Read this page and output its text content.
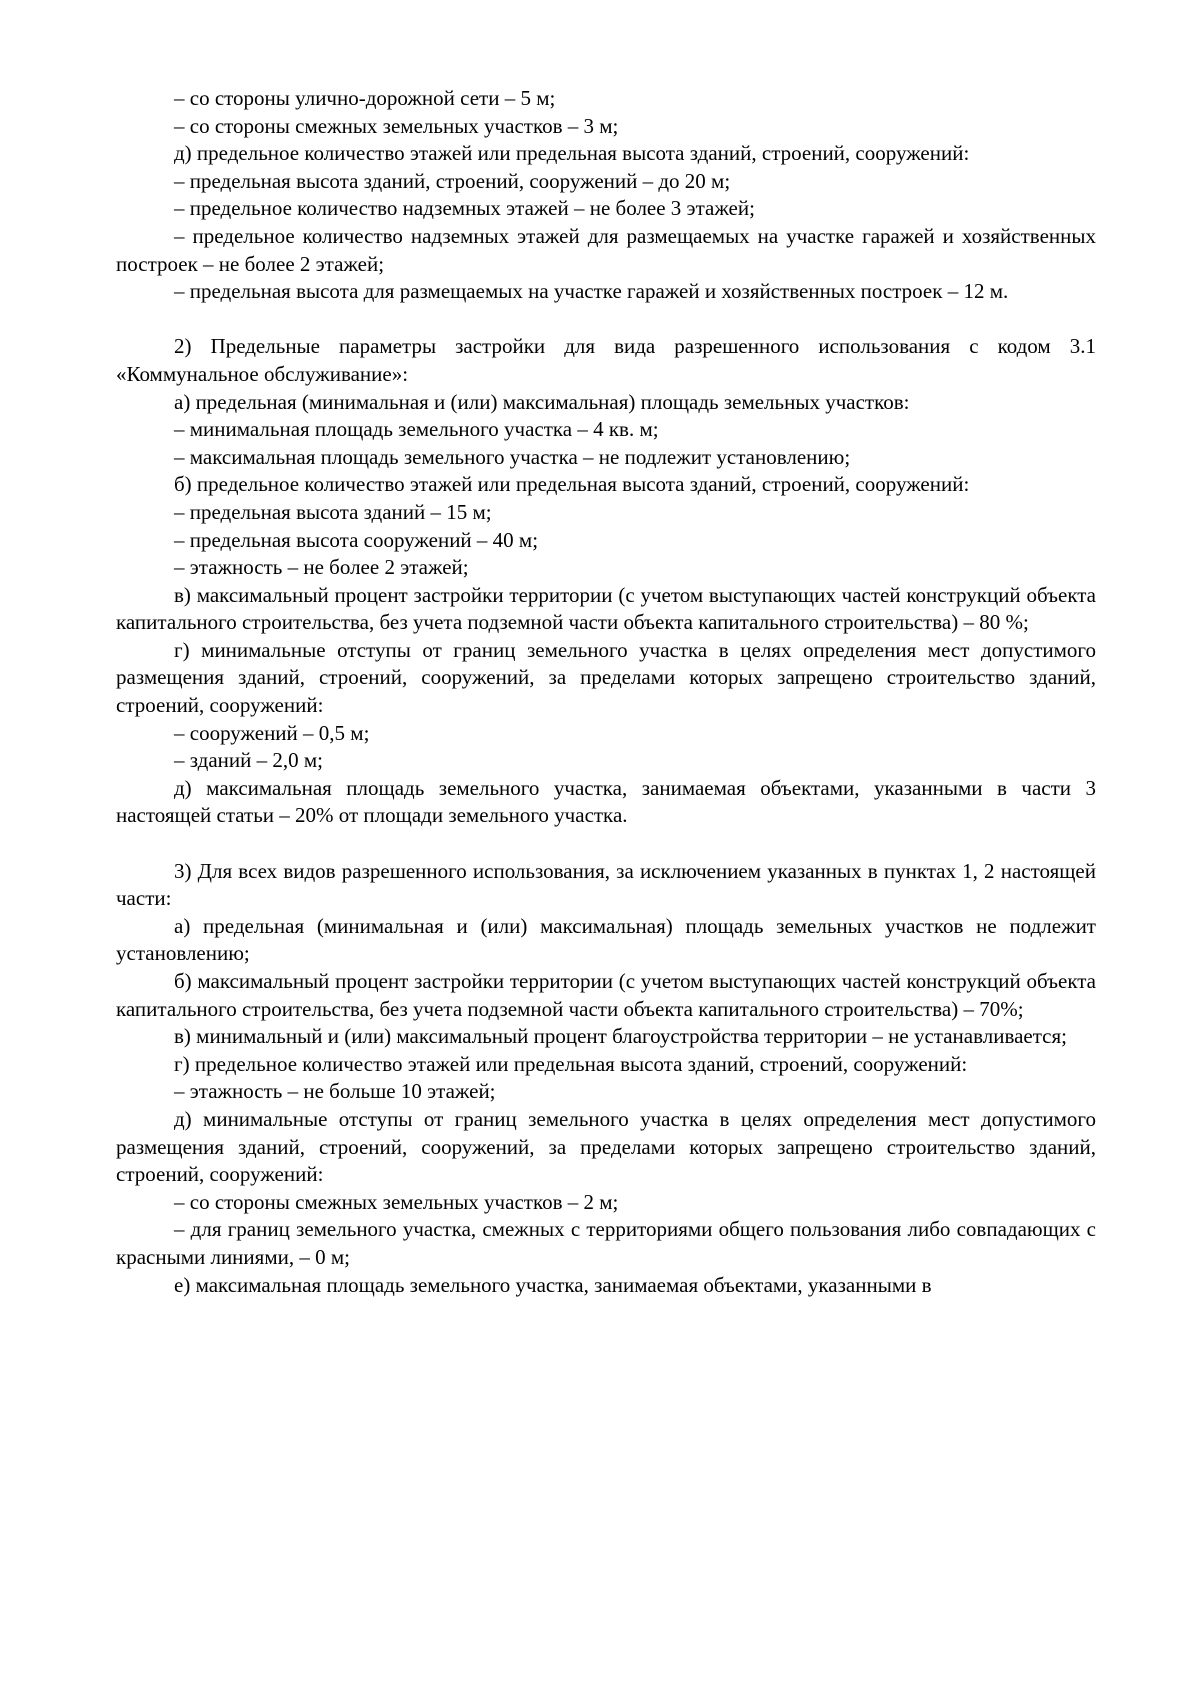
– со стороны улично-дорожной сети – 5 м;

– со стороны смежных земельных участков – 3 м;

д) предельное количество этажей или предельная высота зданий, строений, сооружений:

– предельная высота зданий, строений, сооружений – до 20 м;

– предельное количество надземных этажей – не более 3 этажей;

– предельное количество надземных этажей для размещаемых на участке гаражей и хозяйственных построек – не более 2 этажей;

– предельная высота для размещаемых на участке гаражей и хозяйственных построек – 12 м.

2) Предельные параметры застройки для вида разрешенного использования с кодом 3.1 «Коммунальное обслуживание»:

а) предельная (минимальная и (или) максимальная) площадь земельных участков:

– минимальная площадь земельного участка – 4 кв. м;

– максимальная площадь земельного участка – не подлежит установлению;

б) предельное количество этажей или предельная высота зданий, строений, сооружений:

– предельная высота зданий – 15 м;

– предельная высота сооружений – 40 м;

– этажность – не более 2 этажей;

в) максимальный процент застройки территории (с учетом выступающих частей конструкций объекта капитального строительства, без учета подземной части объекта капитального строительства) – 80 %;

г) минимальные отступы от границ земельного участка в целях определения мест допустимого размещения зданий, строений, сооружений, за пределами которых запрещено строительство зданий, строений, сооружений:

– сооружений – 0,5 м;

– зданий – 2,0 м;

д) максимальная площадь земельного участка, занимаемая объектами, указанными в части 3 настоящей статьи – 20% от площади земельного участка.

3) Для всех видов разрешенного использования, за исключением указанных в пунктах 1, 2 настоящей части:

а) предельная (минимальная и (или) максимальная) площадь земельных участков не подлежит установлению;

б) максимальный процент застройки территории (с учетом выступающих частей конструкций объекта капитального строительства, без учета подземной части объекта капитального строительства) – 70%;

в) минимальный и (или) максимальный процент благоустройства территории – не устанавливается;

г) предельное количество этажей или предельная высота зданий, строений, сооружений:

– этажность – не больше 10 этажей;

д) минимальные отступы от границ земельного участка в целях определения мест допустимого размещения зданий, строений, сооружений, за пределами которых запрещено строительство зданий, строений, сооружений:

– со стороны смежных земельных участков – 2 м;

– для границ земельного участка, смежных с территориями общего пользования либо совпадающих с красными линиями, – 0 м;

е) максимальная площадь земельного участка, занимаемая объектами, указанными в
